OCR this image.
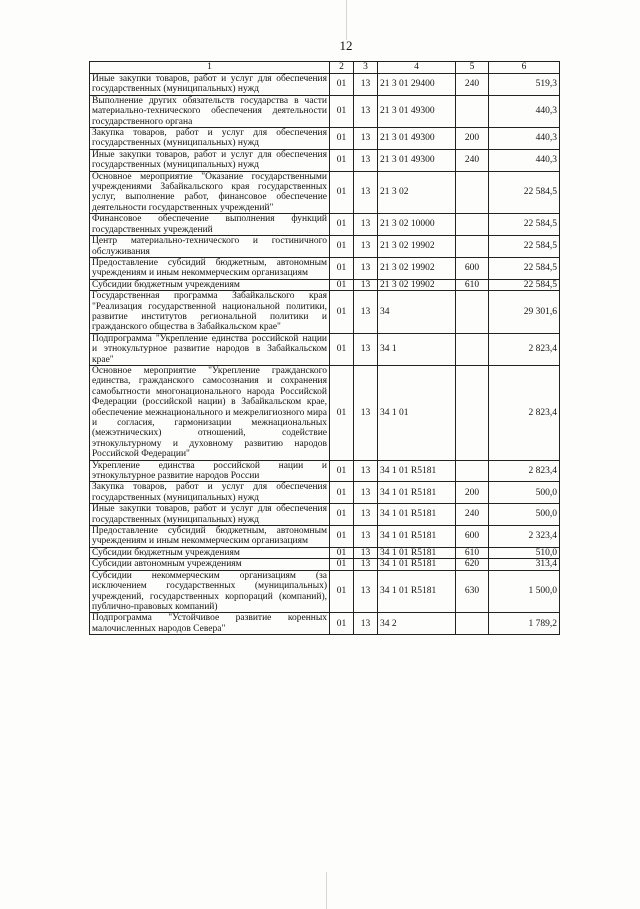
12
1	2	3	4	5	6
Иные закупки товаров, работ и услуг для обеспечения государственных (муниципальных) нужд	01	13	21 3 01 29400	240	519,3
Выполнение других обязательств государства в части материально-технического обеспечения деятельности государственного органа	01	13	21 3 01 49300		440,3
Закупка товаров, работ и услуг для обеспечения государственных (муниципальных) нужд	01	13	21 3 01 49300	200	440,3
Иные закупки товаров, работ и услуг для обеспечения государственных (муниципальных) нужд	01	13	21 3 01 49300	240	440,3
Основное мероприятие "Оказание государственными учреждениями Забайкальского края государственных услуг, выполнение работ, финансовое обеспечение деятельности государственных учреждений"	01	13	21 3 02		22 584,5
Финансовое обеспечение выполнения функций государственных учреждений	01	13	21 3 02 10000		22 584,5
Центр материально-технического и гостиничного обслуживания	01	13	21 3 02 19902		22 584,5
Предоставление субсидий бюджетным, автономным учреждениям и иным некоммерческим организациям	01	13	21 3 02 19902	600	22 584,5
Субсидии бюджетным учреждениям	01	13	21 3 02 19902	610	22 584,5
Государственная программа Забайкальского края "Реализация государственной национальной политики, развитие институтов региональной политики и гражданского общества в Забайкальском крае"	01	13	34		29 301,6
Подпрограмма "Укрепление единства российской нации и этнокультурное развитие народов в Забайкальском крае"	01	13	34 1		2 823,4
Основное мероприятие "Укрепление гражданского единства, гражданского самосознания и сохранения самобытности многонационального народа Российской Федерации (российской нации) в Забайкальском крае, обеспечение межнационального и межрелигиозного мира и согласия, гармонизации межнациональных (межэтнических) отношений, содействие этнокультурному и духовному развитию народов Российской Федерации"	01	13	34 1 01		2 823,4
Укрепление единства российской нации и этнокультурное развитие народов России	01	13	34 1 01 R5181		2 823,4
Закупка товаров, работ и услуг для обеспечения государственных (муниципальных) нужд	01	13	34 1 01 R5181	200	500,0
Иные закупки товаров, работ и услуг для обеспечения государственных (муниципальных) нужд	01	13	34 1 01 R5181	240	500,0
Предоставление субсидий бюджетным, автономным учреждениям и иным некоммерческим организациям	01	13	34 1 01 R5181	600	2 323,4
Субсидии бюджетным учреждениям	01	13	34 1 01 R5181	610	510,0
Субсидии автономным учреждениям	01	13	34 1 01 R5181	620	313,4
Субсидии некоммерческим организациям (за исключением государственных (муниципальных) учреждений, государственных корпораций (компаний), публично-правовых компаний)	01	13	34 1 01 R5181	630	1 500,0
Подпрограмма "Устойчивое развитие коренных малочисленных народов Севера"	01	13	34 2		1 789,2
